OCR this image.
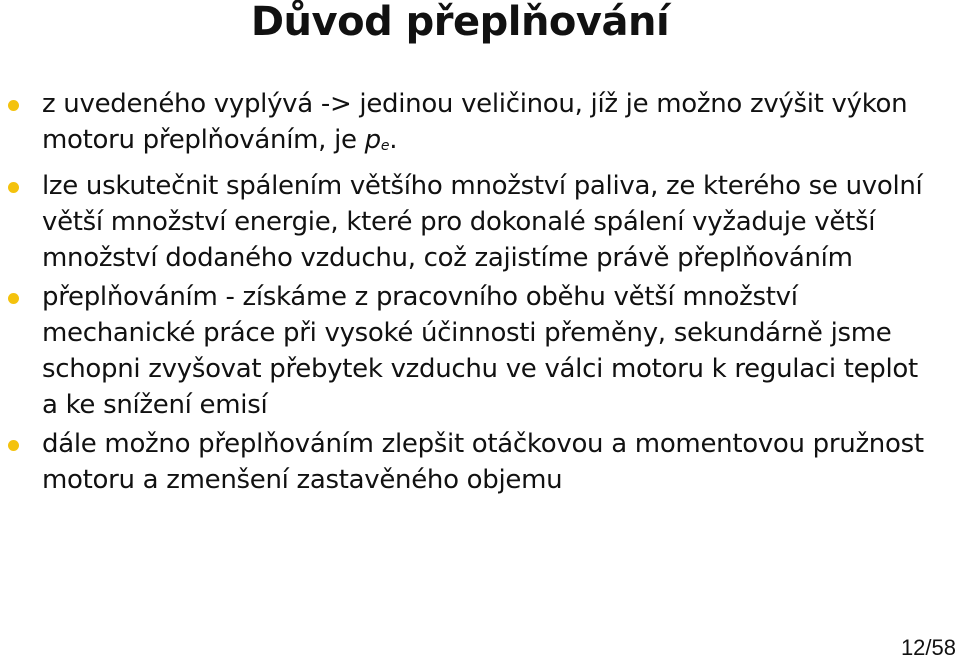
Důvod přeplňování
z uvedeného vyplývá -> jedinou veličinou, jíž je možno zvýšit výkon motoru přeplňováním, je pe.
lze uskutečnit spálením většího množství paliva, ze kterého se uvolní větší množství energie, které pro dokonalé spálení vyžaduje větší množství dodaného vzduchu, což zajistíme právě přeplňováním
přeplňováním - získáme z pracovního oběhu větší množství mechanické práce při vysoké účinnosti přeměny, sekundárně jsme schopni zvyšovat přebytek vzduchu ve válci motoru k regulaci teplot a ke snížení emisí
dále možno přeplňováním zlepšit otáčkovou a momentovou pružnost motoru a zmenšení zastavěného objemu
12/58
